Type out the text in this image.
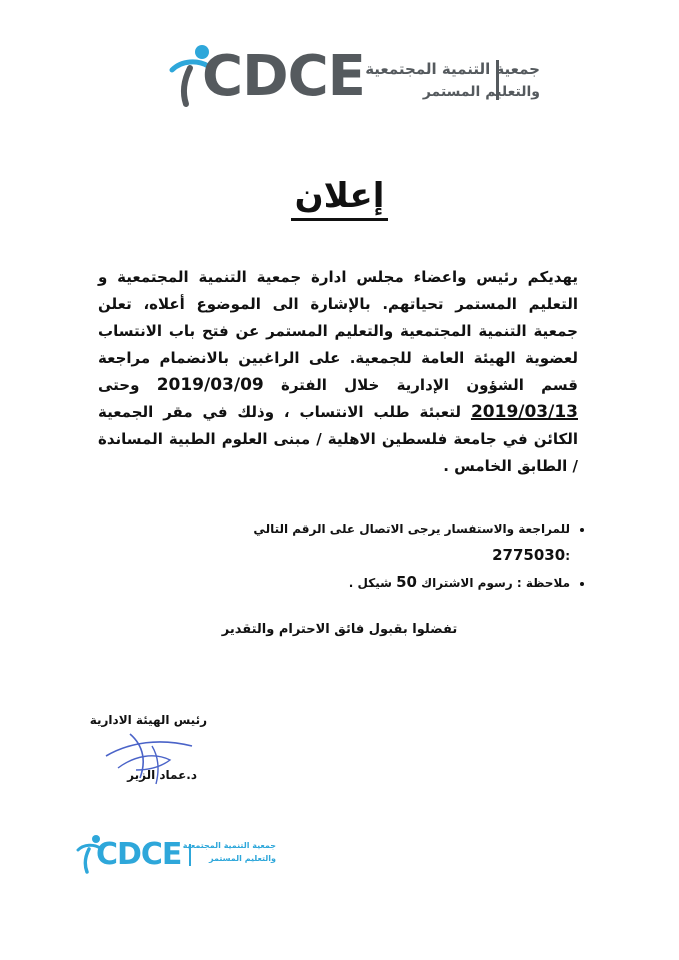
CDCE جمعية التنمية المجتمعية
والتعليم المستمر
إعلان
يهديكم رئيس واعضاء مجلس ادارة جمعية التنمية المجتمعية و التعليم المستمر تحياتهم. بالإشارة الى الموضوع أعلاه، تعلن جمعية التنمية المجتمعية والتعليم المستمر عن فتح باب الانتساب لعضوية الهيئة العامة للجمعية. على الراغبين بالانضمام مراجعة قسم الشؤون الإدارية خلال الفترة 2019/03/09 وحتى 2019/03/13 لتعبئة طلب الانتساب ، وذلك في مقر الجمعية الكائن في جامعة فلسطين الاهلية / مبنى العلوم الطبية المساندة / الطابق الخامس .
• للمراجعة والاستفسار يرجى الاتصال على الرقم التالي :2775030
• ملاحظة : رسوم الاشتراك 50 شيكل .
تفضلوا بقبول فائق الاحترام والتقدير
رئيس الهيئة الادارية
د.عماد الزير
CDCE جمعية التنمية المجتمعية
والتعليم المستمر
